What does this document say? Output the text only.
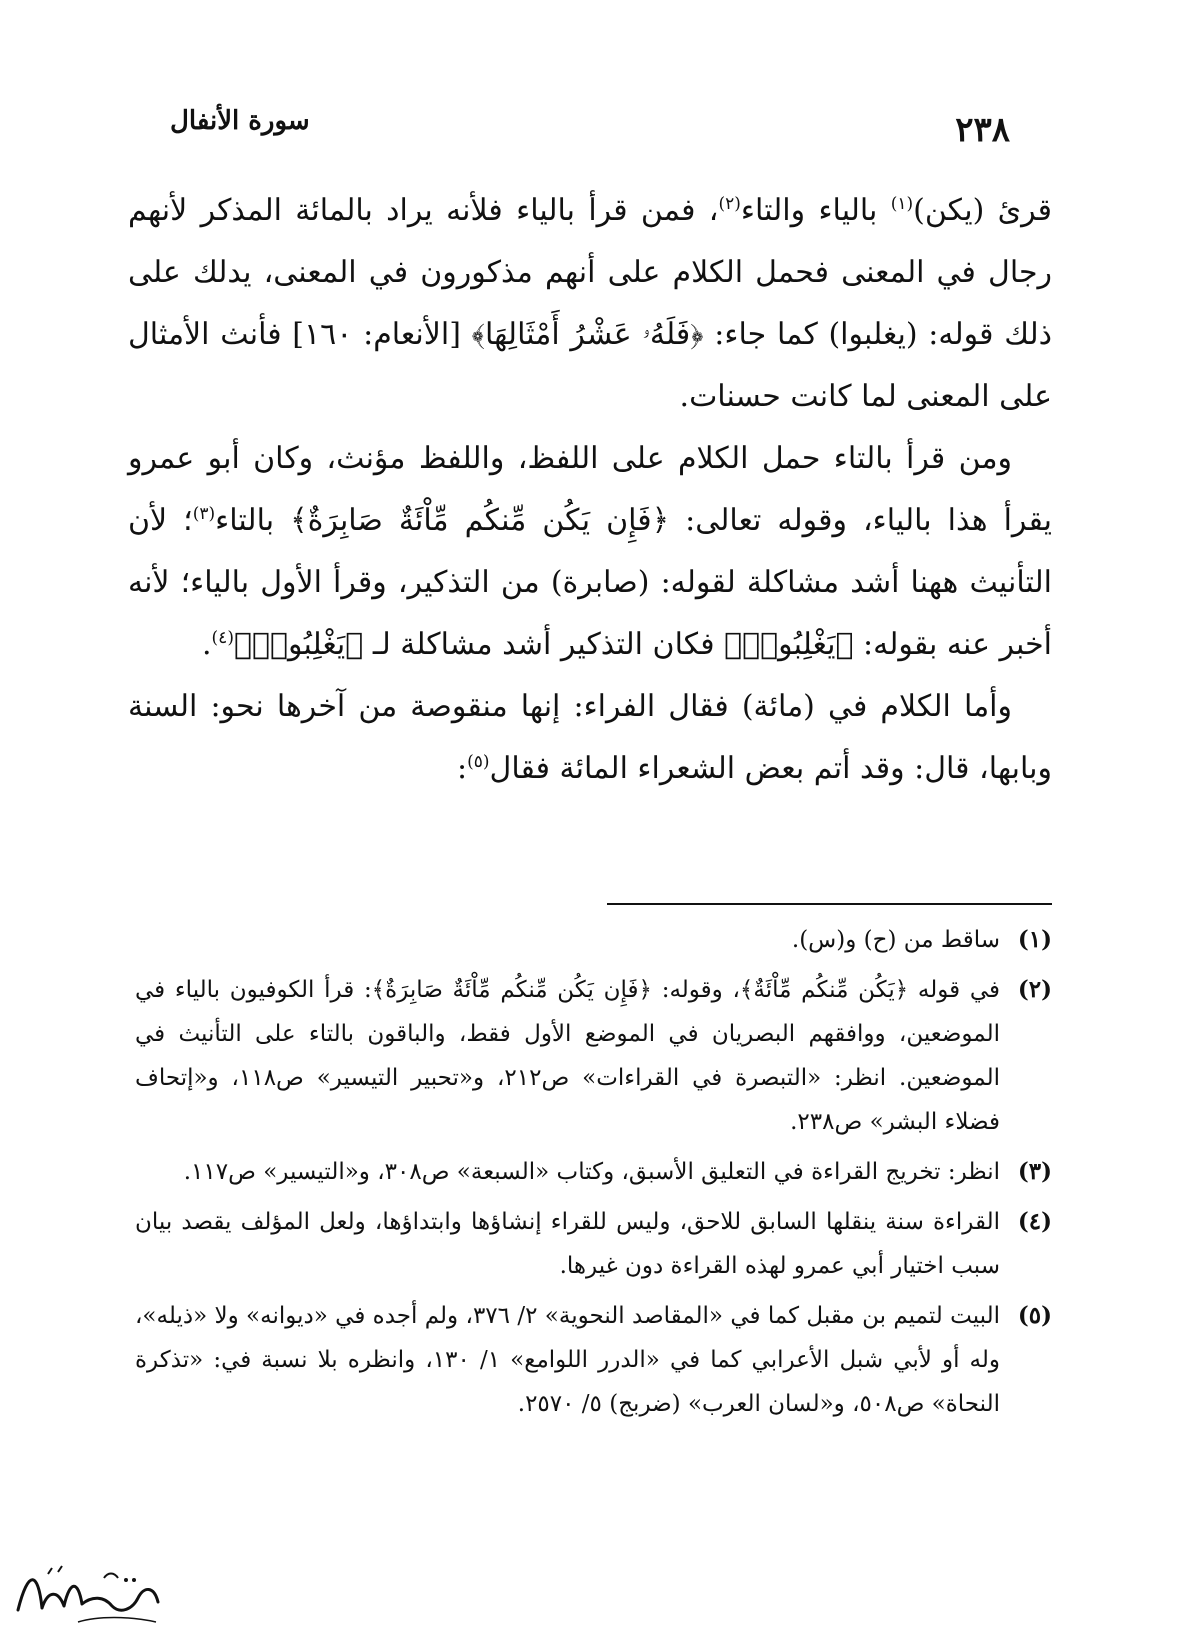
٢٣٨
سورة الأنفال

قرئ (يكن)$^{(١)}$ بالياء والتاء$^{(٢)}$، فمن قرأ بالياء فلأنه يراد بالمائة المذكر لأنهم رجال في المعنى فحمل الكلام على أنهم مذكورون في المعنى، يدلك على ذلك قوله: (يغلبوا) كما جاء: ﴿فَلَهُۥ عَشْرُ أَمْثَالِهَا﴾ [الأنعام: ١٦٠] فأنث الأمثال على المعنى لما كانت حسنات.

ومن قرأ بالتاء حمل الكلام على اللفظ، واللفظ مؤنث، وكان أبو عمرو يقرأ هذا بالياء، وقوله تعالى: ﴿فَإِن يَكُن مِّنكُم مِّاْئَةٌ صَابِرَةٌ﴾ بالتاء$^{(٣)}$؛ لأن التأنيث ههنا أشد مشاكلة لقوله: (صابرة) من التذكير، وقرأ الأول بالياء؛ لأنه أخبر عنه بقوله: ﴿يَغْلِبُوا۟﴾ فكان التذكير أشد مشاكلة لـ ﴿يَغْلِبُوا۟﴾$^{(٤)}$.

وأما الكلام في (مائة) فقال الفراء: إنها منقوصة من آخرها نحو: السنة وبابها، قال: وقد أتم بعض الشعراء المائة فقال$^{(٥)}$:

(١)
ساقط من (ح) و(س).
(٢)
في قوله ﴿يَكُن مِّنكُم مِّاْئَةٌ﴾، وقوله: ﴿فَإِن يَكُن مِّنكُم مِّاْئَةٌ صَابِرَةٌ﴾: قرأ الكوفيون بالياء في الموضعين، ووافقهم البصريان في الموضع الأول فقط، والباقون بالتاء على التأنيث في الموضعين. انظر: «التبصرة في القراءات» ص٢١٢، و«تحبير التيسير» ص١١٨، و«إتحاف فضلاء البشر» ص٢٣٨.
(٣)
انظر: تخريج القراءة في التعليق الأسبق، وكتاب «السبعة» ص٣٠٨، و«التيسير» ص١١٧.
(٤)
القراءة سنة ينقلها السابق للاحق، وليس للقراء إنشاؤها وابتداؤها، ولعل المؤلف يقصد بيان سبب اختيار أبي عمرو لهذه القراءة دون غيرها.
(٥)
البيت لتميم بن مقبل كما في «المقاصد النحوية» ٢/ ٣٧٦، ولم أجده في «ديوانه» ولا «ذيله»، وله أو لأبي شبل الأعرابي كما في «الدرر اللوامع» ١/ ١٣٠، وانظره بلا نسبة في: «تذكرة النحاة» ص٥٠٨، و«لسان العرب» (ضربج) ٥/ ٢٥٧٠.
